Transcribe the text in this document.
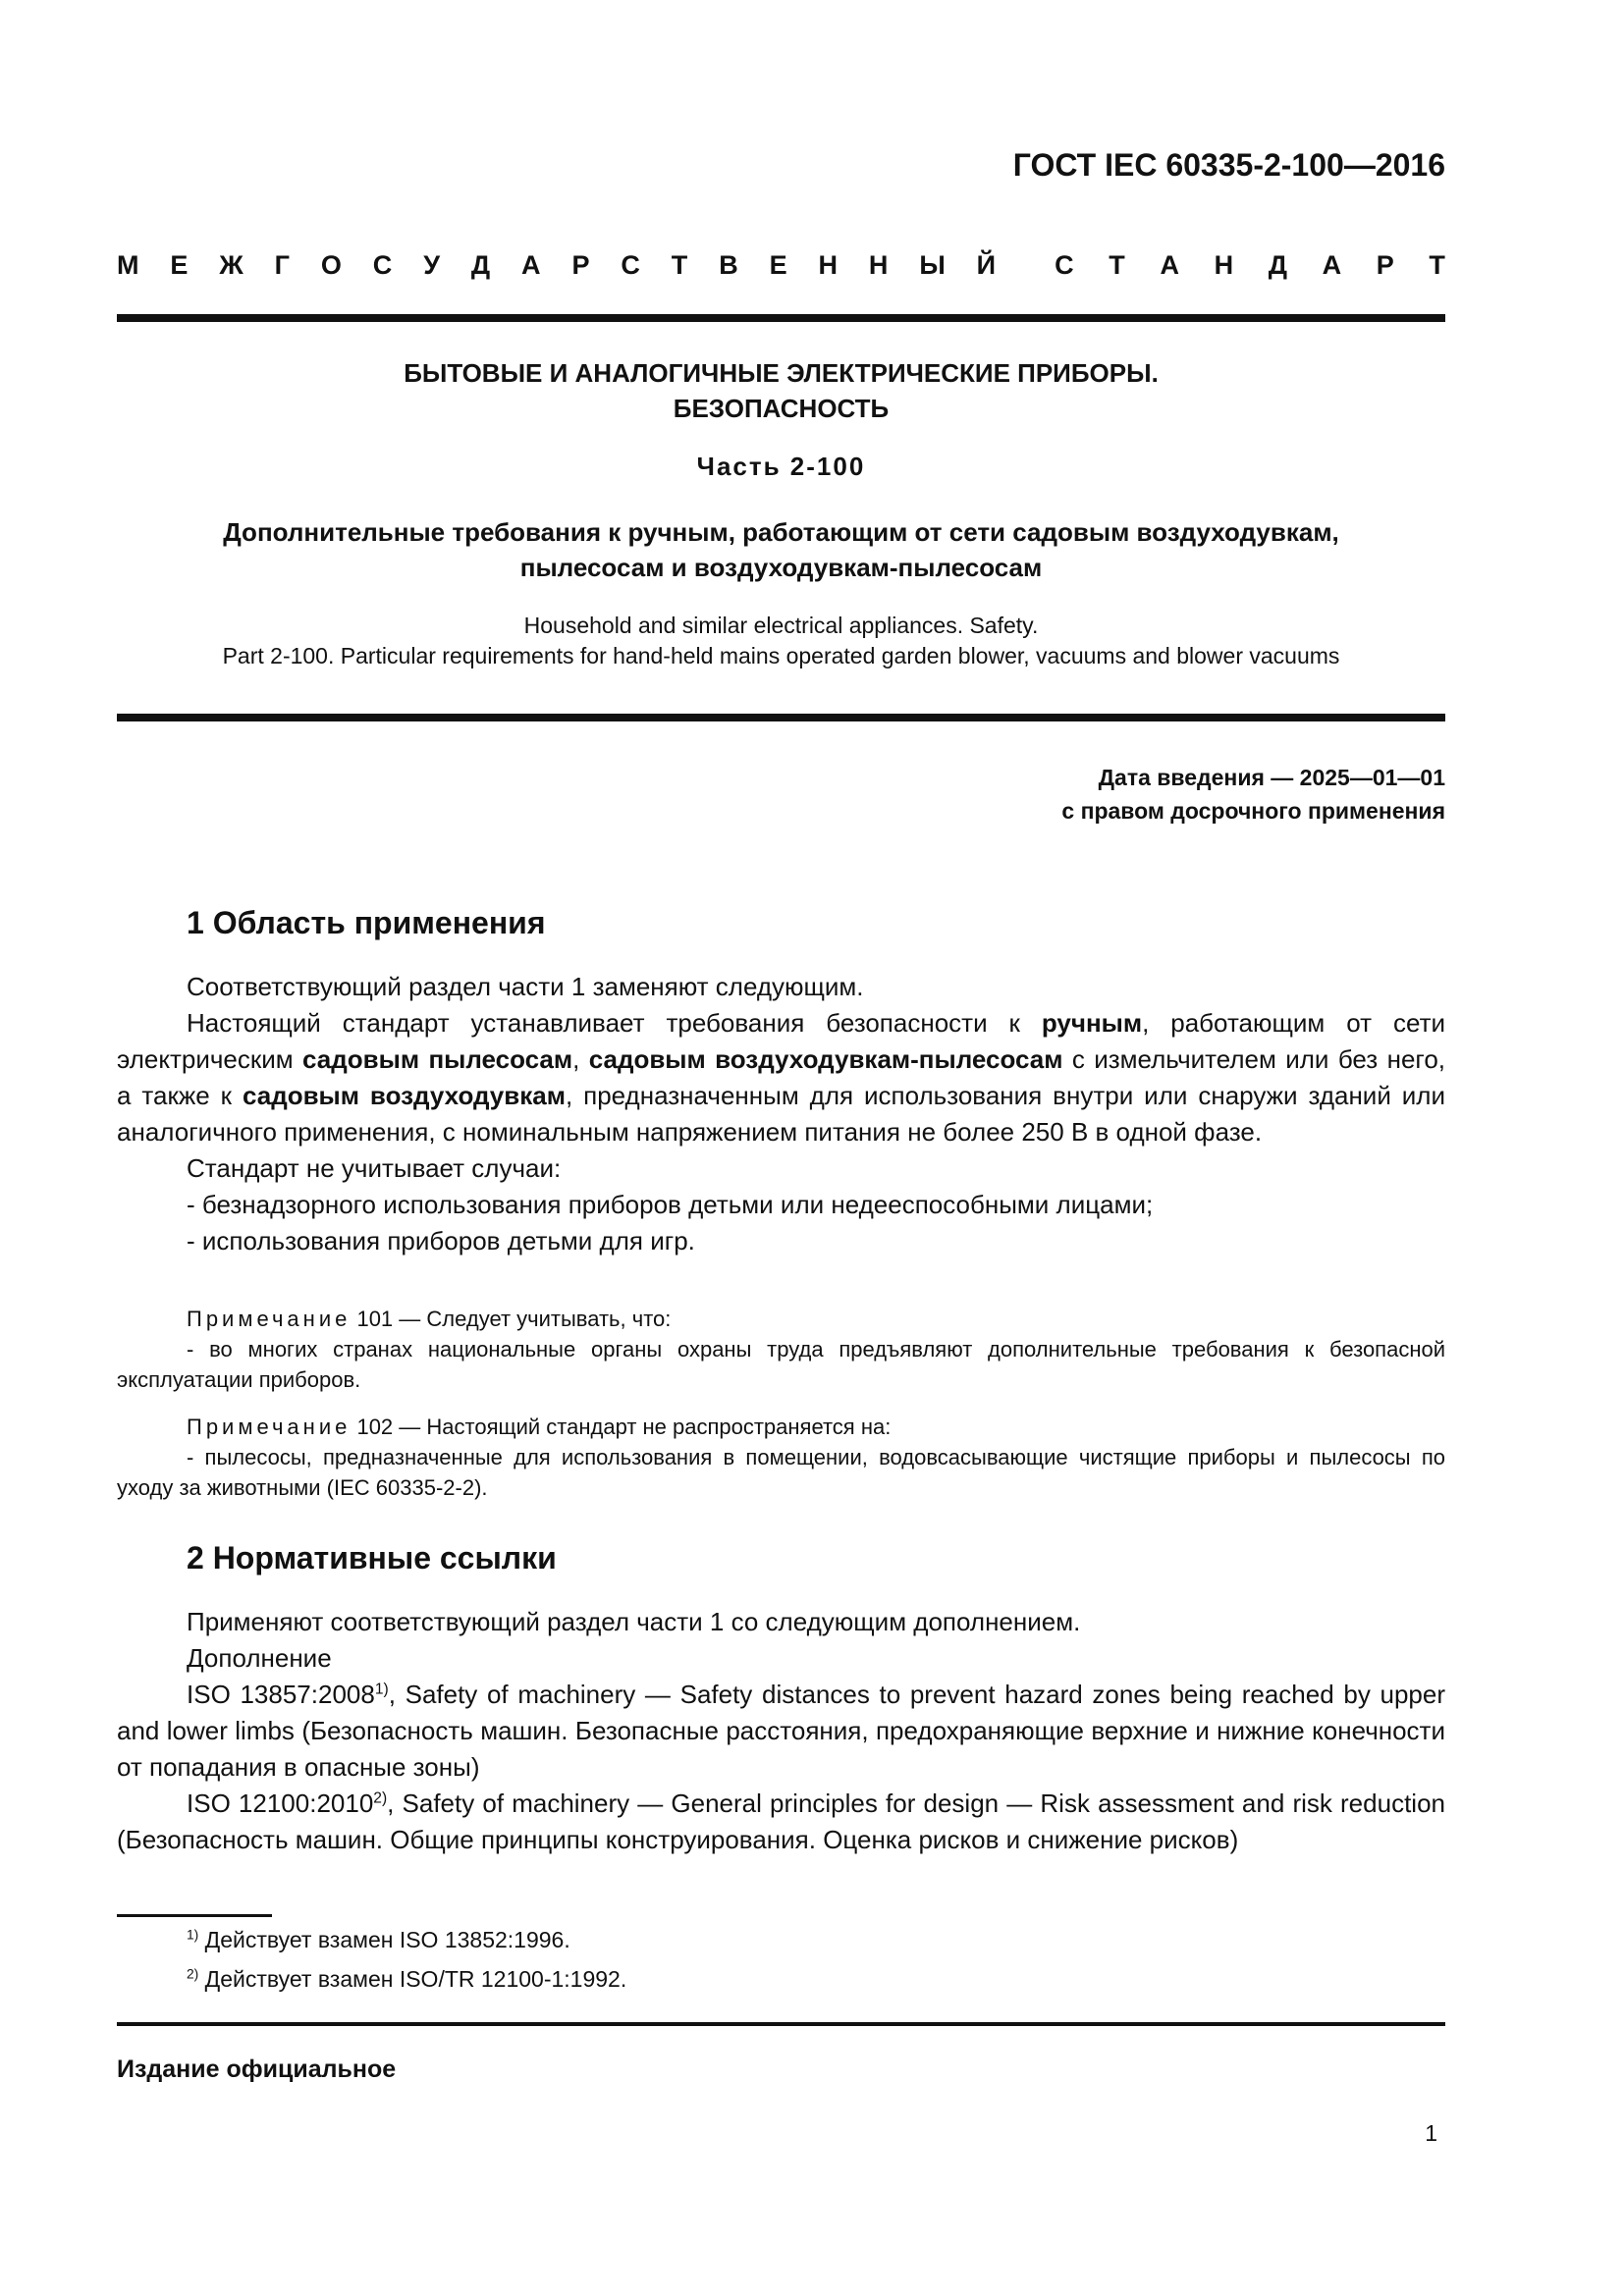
ГОСТ IEC 60335-2-100—2016
М Е Ж Г О С У Д А Р С Т В Е Н Н Ы Й С Т А Н Д А Р Т
БЫТОВЫЕ И АНАЛОГИЧНЫЕ ЭЛЕКТРИЧЕСКИЕ ПРИБОРЫ.
БЕЗОПАСНОСТЬ
Часть 2-100
Дополнительные требования к ручным, работающим от сети садовым воздуходувкам,
пылесосам и воздуходувкам-пылесосам
Household and similar electrical appliances. Safety.
Part 2-100. Particular requirements for hand-held mains operated garden blower, vacuums and blower vacuums
Дата введения — 2025—01—01
с правом досрочного применения
1 Область применения

Соответствующий раздел части 1 заменяют следующим.

Настоящий стандарт устанавливает требования безопасности к ручным, работающим от сети электрическим садовым пылесосам, садовым воздуходувкам-пылесосам с измельчителем или без него, а также к садовым воздуходувкам, предназначенным для использования внутри или снаружи зданий или аналогичного применения, с номинальным напряжением питания не более 250 В в одной фазе.

Стандарт не учитывает случаи:

- безнадзорного использования приборов детьми или недееспособными лицами;

- использования приборов детьми для игр.

Примечание 101 — Следует учитывать, что:

- во многих странах национальные органы охраны труда предъявляют дополнительные требования к безопасной эксплуатации приборов.

Примечание 102 — Настоящий стандарт не распространяется на:

- пылесосы, предназначенные для использования в помещении, водовсасывающие чистящие приборы и пылесосы по уходу за животными (IEC 60335-2-2).

2 Нормативные ссылки

Применяют соответствующий раздел части 1 со следующим дополнением.

Дополнение

ISO 13857:2008$^{1)}$, Safety of machinery — Safety distances to prevent hazard zones being reached by upper and lower limbs (Безопасность машин. Безопасные расстояния, предохраняющие верхние и нижние конечности от попадания в опасные зоны)

ISO 12100:2010$^{2)}$, Safety of machinery — General principles for design — Risk assessment and risk reduction (Безопасность машин. Общие принципы конструирования. Оценка рисков и снижение рисков)

$^{1)}$ Действует взамен ISO 13852:1996.
$^{2)}$ Действует взамен ISO/TR 12100-1:1992.
Издание официальное
1
